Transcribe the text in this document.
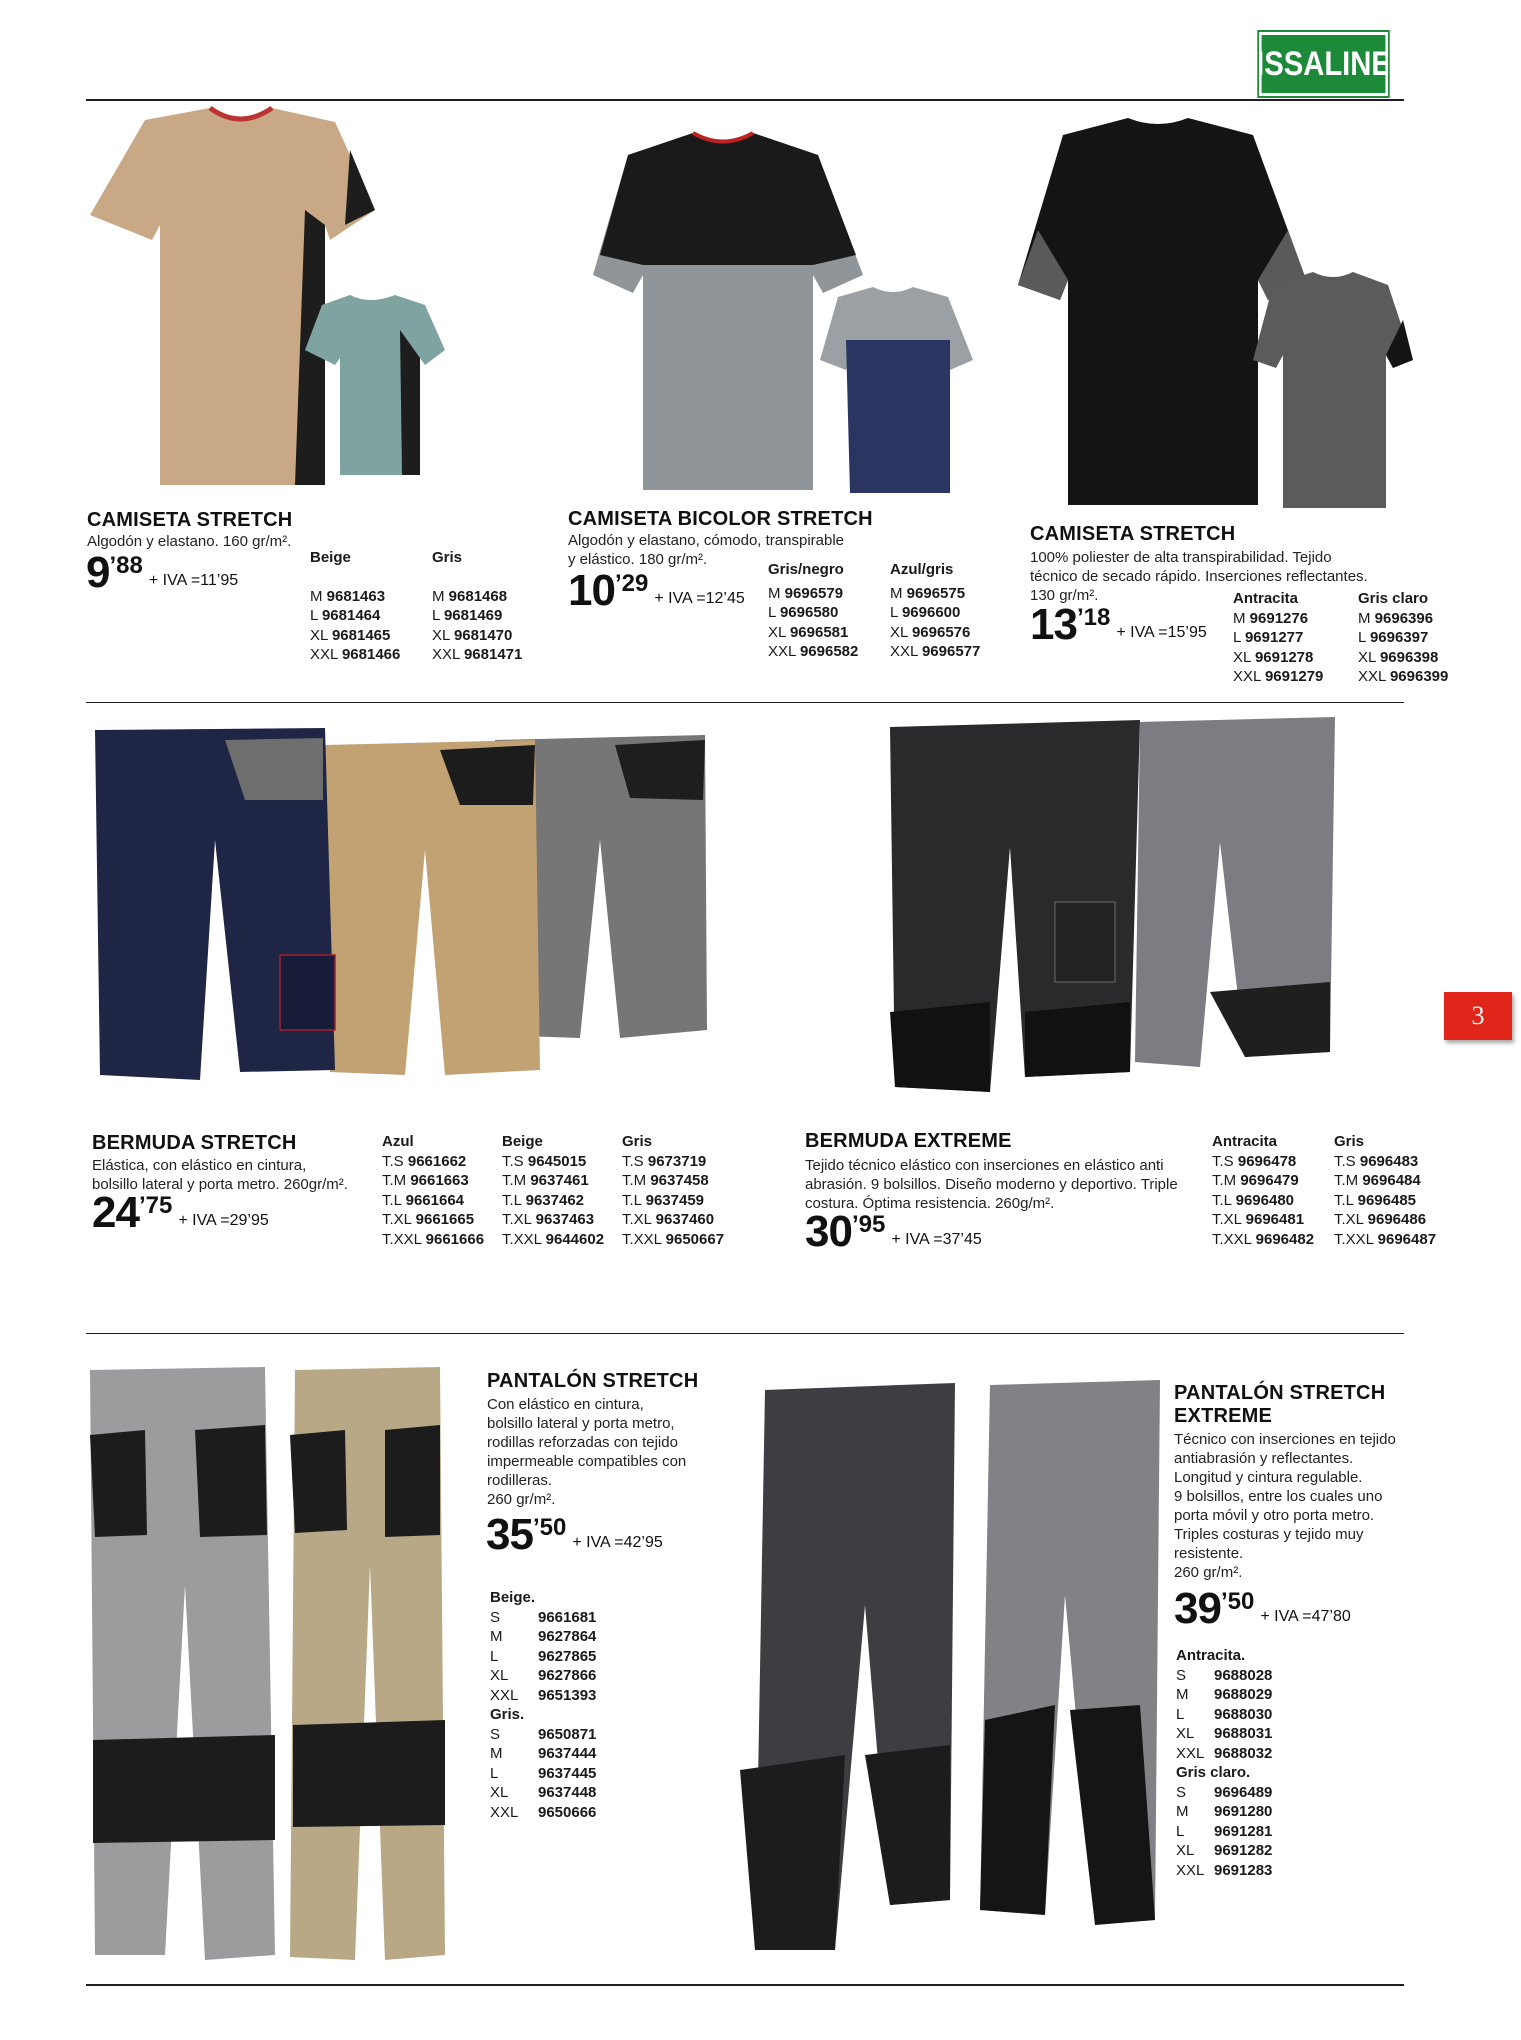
ISSALINE
3
CAMISETA STRETCH
Algodón y elastano. 160 gr/m².
9’88+ IVA =11’95
Beige
M 9681463
L 9681464
XL 9681465
XXL 9681466
Gris
M 9681468
L 9681469
XL 9681470
XXL 9681471
CAMISETA BICOLOR STRETCH
Algodón y elastano, cómodo, transpirable
y elástico. 180 gr/m².
10’29+ IVA =12’45
Gris/negro
M 9696579
L 9696580
XL 9696581
XXL 9696582
Azul/gris
M 9696575
L 9696600
XL 9696576
XXL 9696577
CAMISETA STRETCH
100% poliester de alta transpirabilidad. Tejido
técnico de secado rápido. Inserciones reflectantes.
130 gr/m².
13’18+ IVA =15’95
Antracita
M 9691276
L 9691277
XL 9691278
XXL 9691279
Gris claro
M 9696396
L 9696397
XL 9696398
XXL 9696399
BERMUDA STRETCH
Elástica, con elástico en cintura,
bolsillo lateral y porta metro. 260gr/m².
24’75+ IVA =29’95
Azul
T.S 9661662
T.M 9661663
T.L 9661664
T.XL 9661665
T.XXL 9661666
Beige
T.S 9645015
T.M 9637461
T.L 9637462
T.XL 9637463
T.XXL 9644602
Gris
T.S 9673719
T.M 9637458
T.L 9637459
T.XL 9637460
T.XXL 9650667
BERMUDA EXTREME
Tejido técnico elástico con inserciones en elástico anti
abrasión. 9 bolsillos. Diseño moderno y deportivo. Triple
costura. Óptima resistencia. 260g/m².
30’95+ IVA =37’45
Antracita
T.S 9696478
T.M 9696479
T.L 9696480
T.XL 9696481
T.XXL 9696482
Gris
T.S 9696483
T.M 9696484
T.L 9696485
T.XL 9696486
T.XXL 9696487
PANTALÓN STRETCH
Con elástico en cintura,
bolsillo lateral y porta metro,
rodillas reforzadas con tejido
impermeable compatibles con
rodilleras.
260 gr/m².
35’50+ IVA =42’95
Beige.
S	9661681
M	9627864
L	9627865
XL	9627866
XXL	9651393
Gris.
S	9650871
M	9637444
L	9637445
XL	9637448
XXL	9650666
PANTALÓN STRETCH
EXTREME
Técnico con inserciones en tejido
antiabrasión y reflectantes.
Longitud y cintura regulable.
9 bolsillos, entre los cuales uno
porta móvil y otro porta metro.
Triples costuras y tejido muy
resistente.
260 gr/m².
39’50+ IVA =47’80
Antracita.
S	9688028
M	9688029
L	9688030
XL	9688031
XXL 9688032
Gris claro.
S	9696489
M	9691280
L	9691281
XL	9691282
XXL 9691283
